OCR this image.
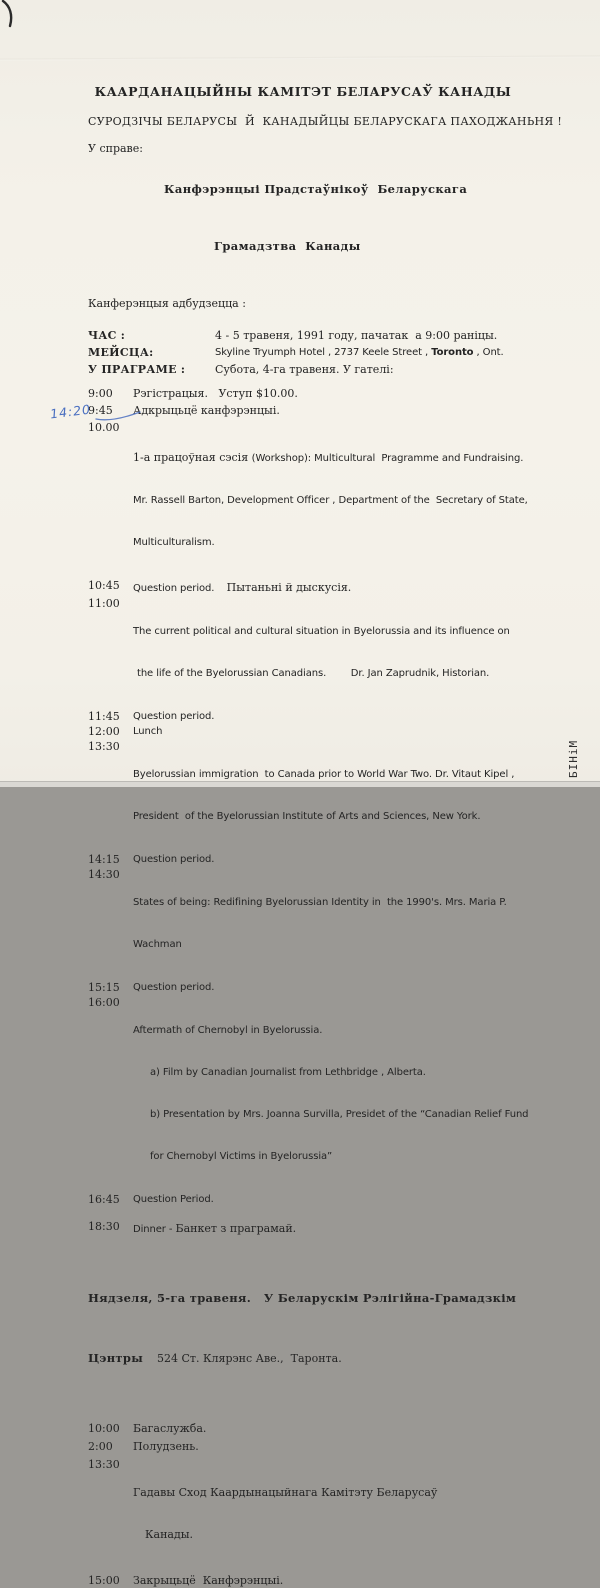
КААРДАНАЦЫЙНЫ КАМІТЭТ БЕЛАРУСАЎ КАНАДЫ
СУРОДЗІЧЫ БЕЛАРУСЫ  Й  КАНАДЫЙЦЫ БЕЛАРУСКАГА ПАХОДЖАНЬНЯ !
У справе:

Канфэрэнцыі Прадстаўнікоў  Беларускага

Грамадзтва  Канады

Канферэнцыя адбудзецца :
ЧАС :	4 - 5 травеня, 1991 году, пачатак  а 9:00 раніцы.
МЕЙСЦА:	Skyline Tryumph Hotel , 2737 Keele Street , Toronto , Ont.
У ПРАГРАМЕ :	Субота, 4-га травеня. У гателі:
9:00	Рэгістрацыя.   Уступ $10.00.
9:45	Адкрыцьцё канфэрэнцыі.
10.00

1-а працоўная сэсія (Workshop): Multicultural  Pragramme and Fundraising.

Mr. Rassell Barton, Development Officer , Department of the  Secretary of State,

Multiculturalism.

10:45	Question period.    Пытаньні й дыскусія.
11:00

The current political and cultural situation in Byelorussia and its influence on

the life of the Byelorussian Canadians.        Dr. Jan Zaprudnik, Historian.

11:45	Question period.
12:00	Lunch
13:30

Byelorussian immigration  to Canada prior to World War Two. Dr. Vitaut Kipel ,

President  of the Byelorussian Institute of Arts and Sciences, New York.

14:15	Question period.
14:30

States of being: Redifining Byelorussian Identity in  the 1990's. Mrs. Maria P.

Wachman

15:15	Question period.
16:00

Aftermath of Chernobyl in Byelorussia.

a) Film by Canadian Journalist from Lethbridge , Alberta.

b) Presentation by Mrs. Joanna Survilla, Presidet of the “Canadian Relief Fund

for Chernobyl Victims in Byelorussia”

16:45	Question Period.
18:30	Dinner - Банкет з праграмай.

Нядзеля, 5-га травеня.   У Беларускім Рэлігійна-Грамадзкім

Цэнтры    524 Ст. Клярэнс Аве.,  Таронта.

10:00	Багаслужба.
2:00	Полудзень.
13:30

Гадавы Сход Каардынацыйнага Камітэту Беларусаў

Канады.

15:00	Закрыцьцё  Канфэрэнцыі.
14:20
БІНіМ
